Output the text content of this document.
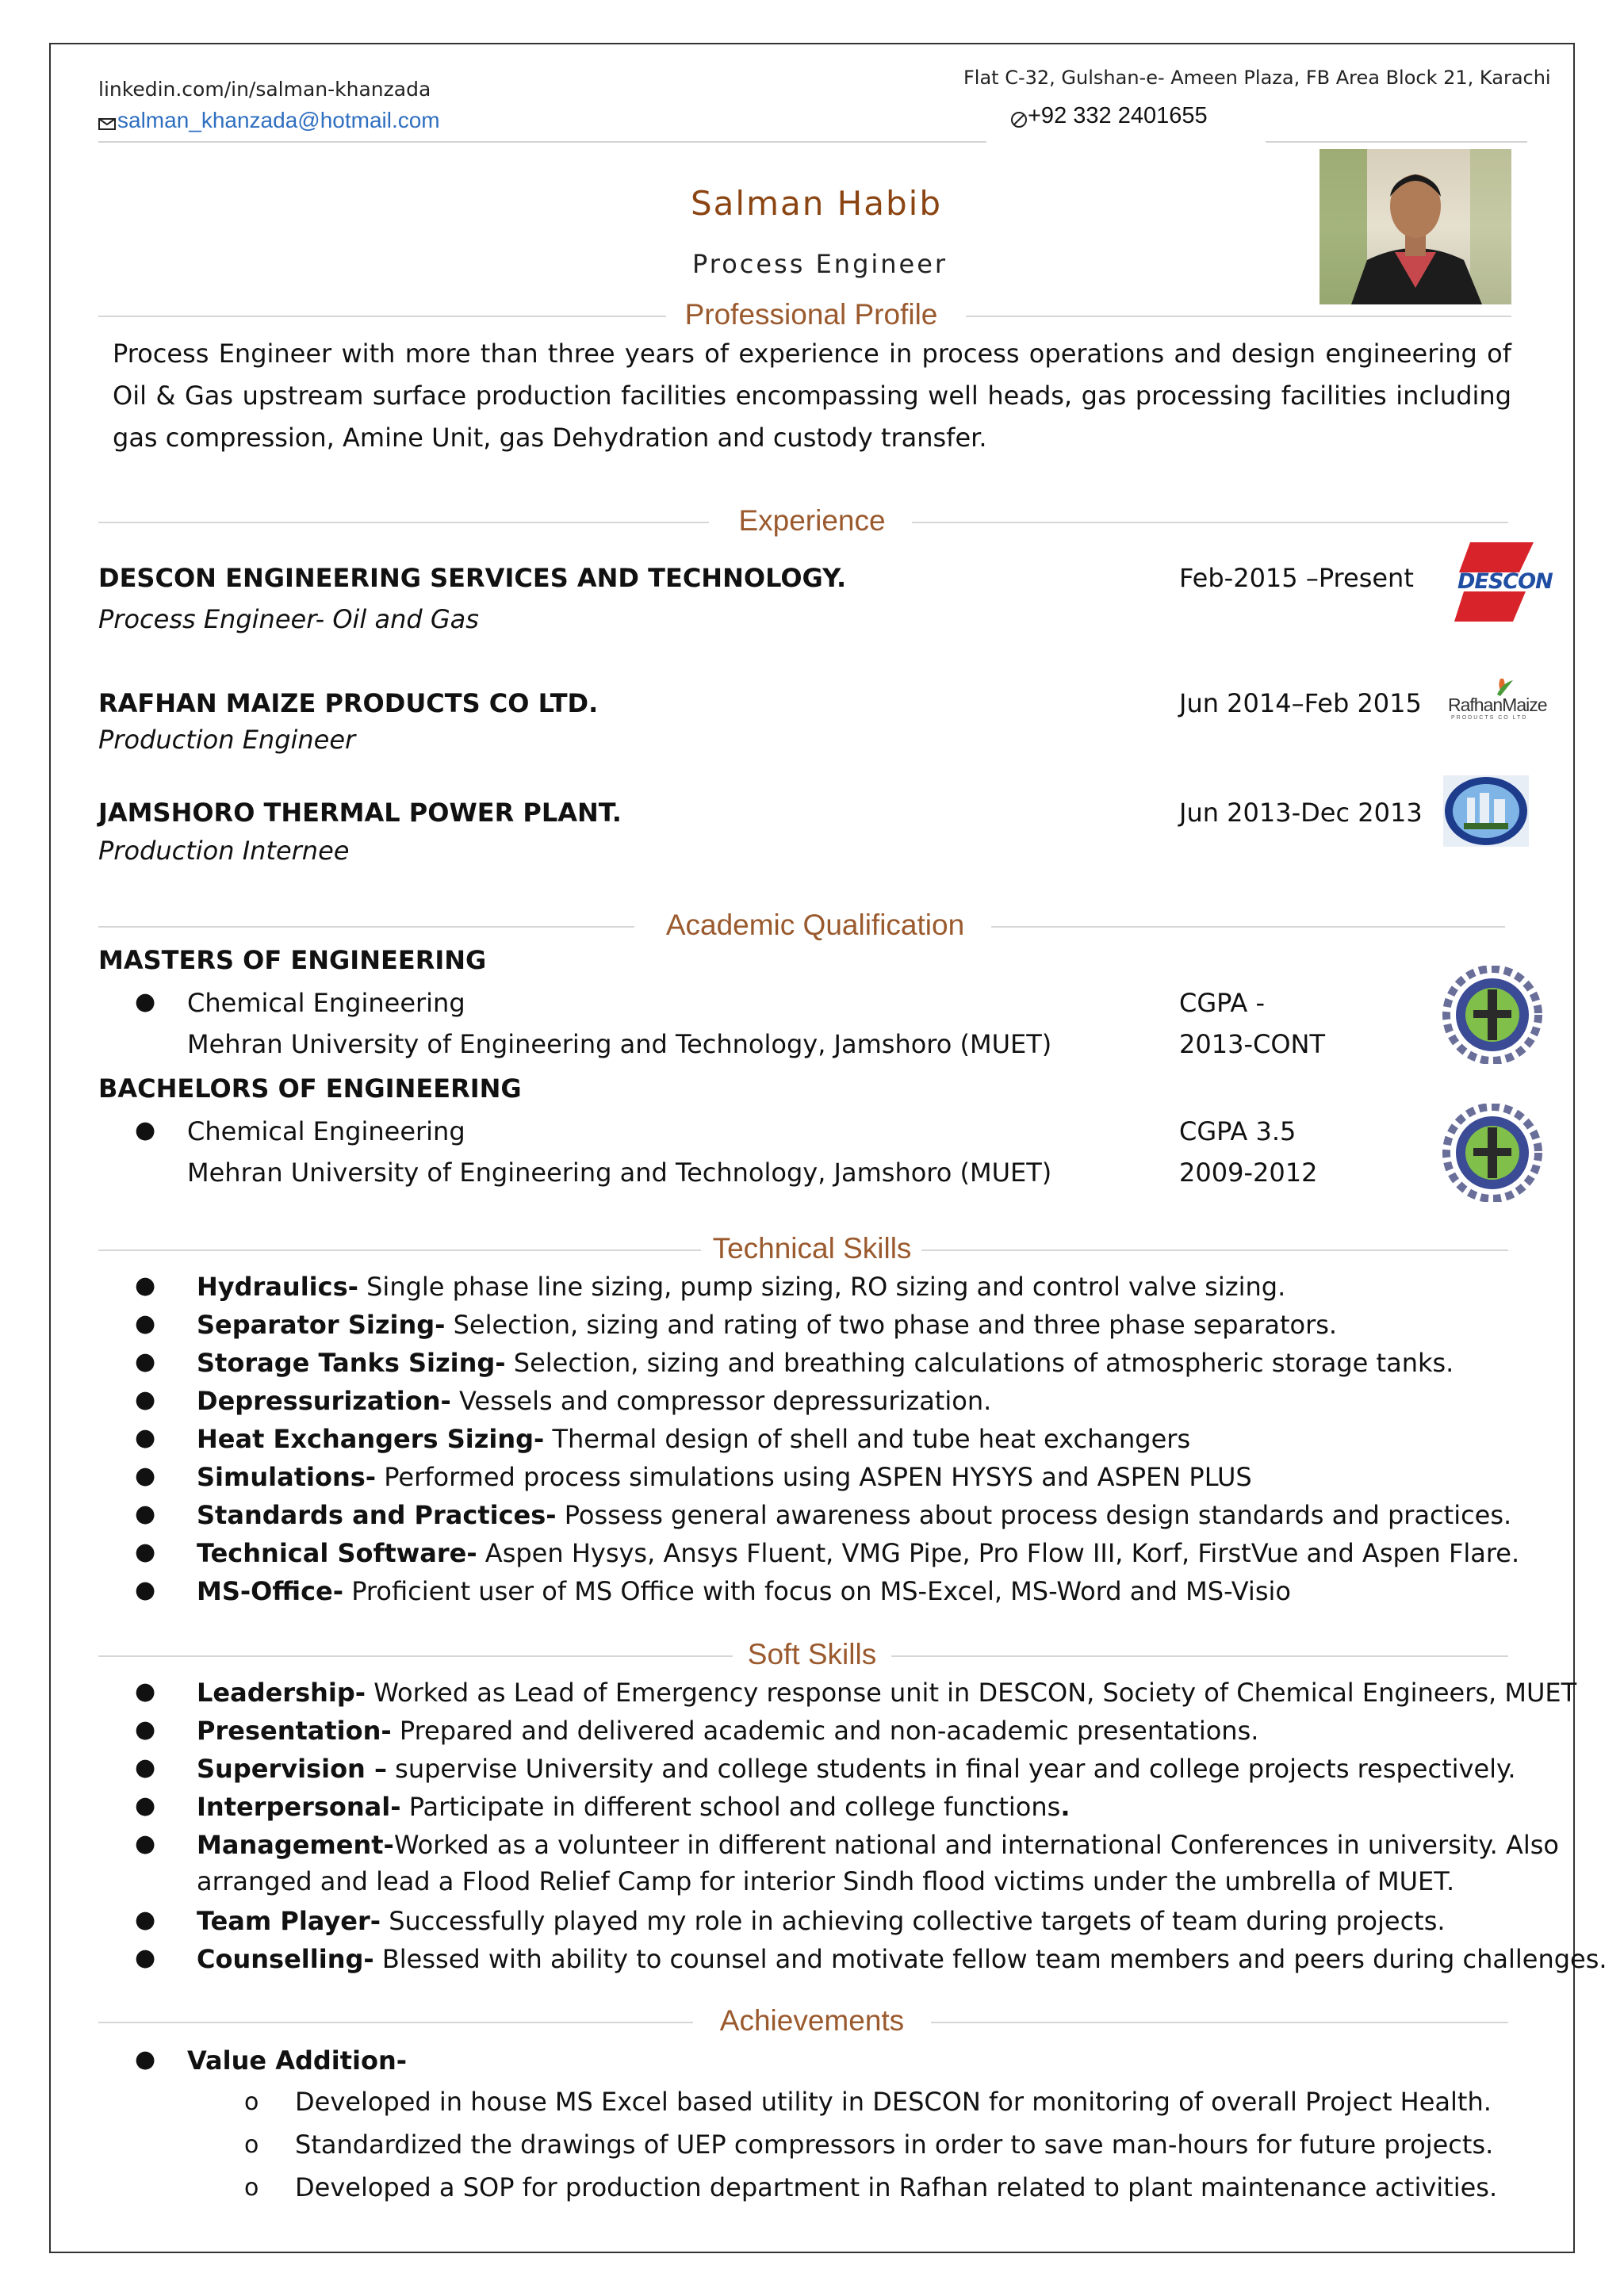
linkedin.com/in/salman-khanzada
salman_khanzada@hotmail.com
Flat C-32, Gulshan-e- Ameen Plaza, FB Area Block 21, Karachi
+92 332 2401655
Salman Habib
Process Engineer
Professional Profile
Process Engineer with more than three years of experience in process operations and design engineering of Oil & Gas upstream surface production facilities encompassing well heads, gas processing facilities including gas compression, Amine Unit, gas Dehydration and custody transfer.
Experience
DESCON ENGINEERING SERVICES AND TECHNOLOGY.
Process Engineer- Oil and Gas
Feb-2015 –Present DESCON
RAFHAN MAIZE PRODUCTS CO LTD.
Production Engineer
Jun 2014–Feb 2015 RafhanMaize
PRODUCTS CO LTD
JAMSHORO THERMAL POWER PLANT.
Production Internee
Jun 2013-Dec 2013
Academic Qualification
MASTERS OF ENGINEERING
● Chemical Engineering
Mehran University of Engineering and Technology, Jamshoro (MUET)
CGPA -
2013-CONT
BACHELORS OF ENGINEERING
● Chemical Engineering
Mehran University of Engineering and Technology, Jamshoro (MUET)
CGPA 3.5
2009-2012
Technical Skills
● Hydraulics- Single phase line sizing, pump sizing, RO sizing and control valve sizing.
● Separator Sizing- Selection, sizing and rating of two phase and three phase separators.
● Storage Tanks Sizing- Selection, sizing and breathing calculations of atmospheric storage tanks.
● Depressurization- Vessels and compressor depressurization.
● Heat Exchangers Sizing- Thermal design of shell and tube heat exchangers
● Simulations- Performed process simulations using ASPEN HYSYS and ASPEN PLUS
● Standards and Practices- Possess general awareness about process design standards and practices.
● Technical Software- Aspen Hysys, Ansys Fluent, VMG Pipe, Pro Flow III, Korf, FirstVue and Aspen Flare.
● MS-Office- Proficient user of MS Office with focus on MS-Excel, MS-Word and MS-Visio
Soft Skills
● Leadership- Worked as Lead of Emergency response unit in DESCON, Society of Chemical Engineers, MUET
● Presentation- Prepared and delivered academic and non-academic presentations.
● Supervision – supervise University and college students in final year and college projects respectively.
● Interpersonal- Participate in different school and college functions.
● Management-Worked as a volunteer in different national and international Conferences in university. Also
arranged and lead a Flood Relief Camp for interior Sindh flood victims under the umbrella of MUET.
● Team Player- Successfully played my role in achieving collective targets of team during projects.
● Counselling- Blessed with ability to counsel and motivate fellow team members and peers during challenges.
Achievements
● Value Addition-
o Developed in house MS Excel based utility in DESCON for monitoring of overall Project Health.
o Standardized the drawings of UEP compressors in order to save man-hours for future projects.
o Developed a SOP for production department in Rafhan related to plant maintenance activities.
